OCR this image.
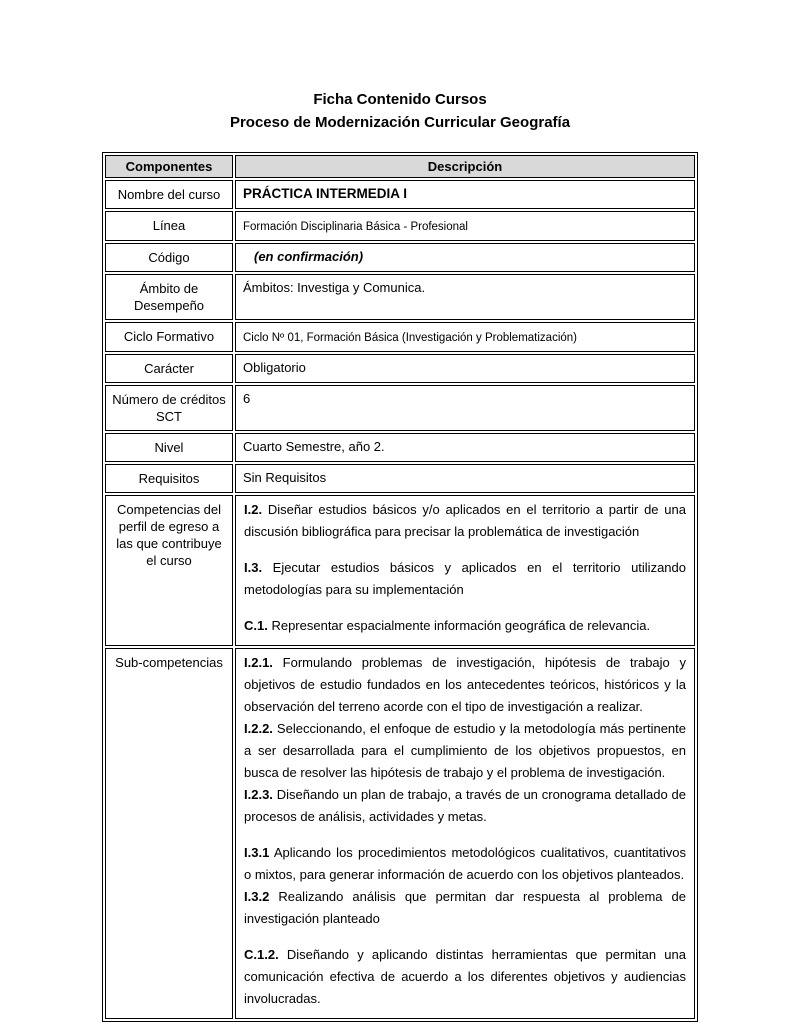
Ficha Contenido Cursos
Proceso de Modernización Curricular Geografía
Componentes	Descripción
Nombre del curso	PRÁCTICA INTERMEDIA I
Línea	Formación Disciplinaria Básica - Profesional
Código	(en confirmación)
Ámbito de Desempeño	Ámbitos: Investiga y Comunica.
Ciclo Formativo	Ciclo Nº 01, Formación Básica (Investigación y Problematización)
Carácter	Obligatorio
Número de créditos SCT	6
Nivel	Cuarto Semestre, año 2.
Requisitos	Sin Requisitos
Competencias del perfil de egreso a las que contribuye el curso	I.2. Diseñar estudios básicos y/o aplicados en el territorio a partir de una discusión bibliográfica para precisar la problemática de investigación

I.3. Ejecutar estudios básicos y aplicados en el territorio utilizando metodologías para su implementación

C.1. Representar espacialmente información geográfica de relevancia.

Sub-competencias	I.2.1. Formulando problemas de investigación, hipótesis de trabajo y objetivos de estudio fundados en los antecedentes teóricos, históricos y la observación del terreno acorde con el tipo de investigación a realizar.

I.2.2. Seleccionando, el enfoque de estudio y la metodología más pertinente a ser desarrollada para el cumplimiento de los objetivos propuestos, en busca de resolver las hipótesis de trabajo y el problema de investigación.

I.2.3. Diseñando un plan de trabajo, a través de un cronograma detallado de procesos de análisis, actividades y metas.

I.3.1 Aplicando los procedimientos metodológicos cualitativos, cuantitativos o mixtos, para generar información de acuerdo con los objetivos planteados.

I.3.2 Realizando análisis que permitan dar respuesta al problema de investigación planteado

C.1.2. Diseñando y aplicando distintas herramientas que permitan una comunicación efectiva de acuerdo a los diferentes objetivos y audiencias involucradas.
